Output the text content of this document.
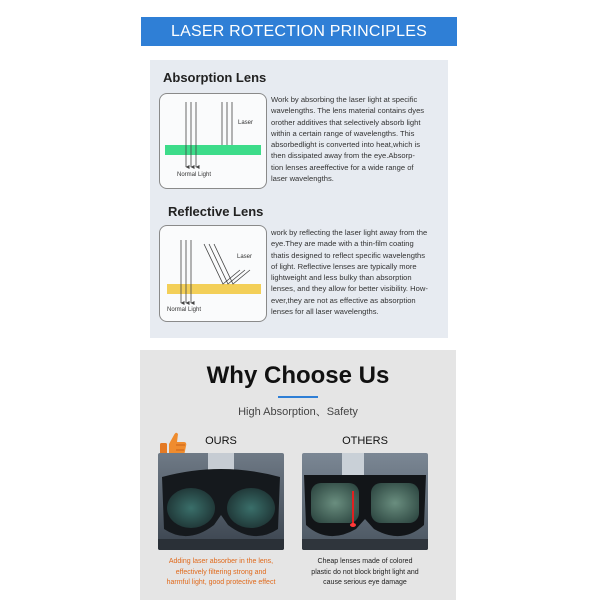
LASER ROTECTION PRINCIPLES
Absorption Lens
Laser
Normal Light
Work by absorbing the laser light at specific
wavelengths. The lens material contains dyes
orother additives that selectively absorb light
within a certain range of wavelengths. This
absorbedlight is converted into heat,which is
then dissipated away from the eye.Absorp-
tion lenses areeffective for a wide range of
laser wavelengths.
Reflective Lens
Laser
Normal Light
work by reflecting the laser light away from the
eye.They are made with a thin-film coating
thatis designed to reflect specific wavelengths
of light. Reflective lenses are typically more
lightweight and less bulky than absorption
lenses, and they allow for better visibility. How-
ever,they are not as effective as absorption
lenses for all laser wavelengths.
Why Choose Us
High Absorption、Safety
OURS	OTHERS
Adding laser absorber in the lens,
effectively filtering strong and
harmful light, good protective effect
Cheap lenses made of colored
plastic do not block bright light and
cause serious eye damage
